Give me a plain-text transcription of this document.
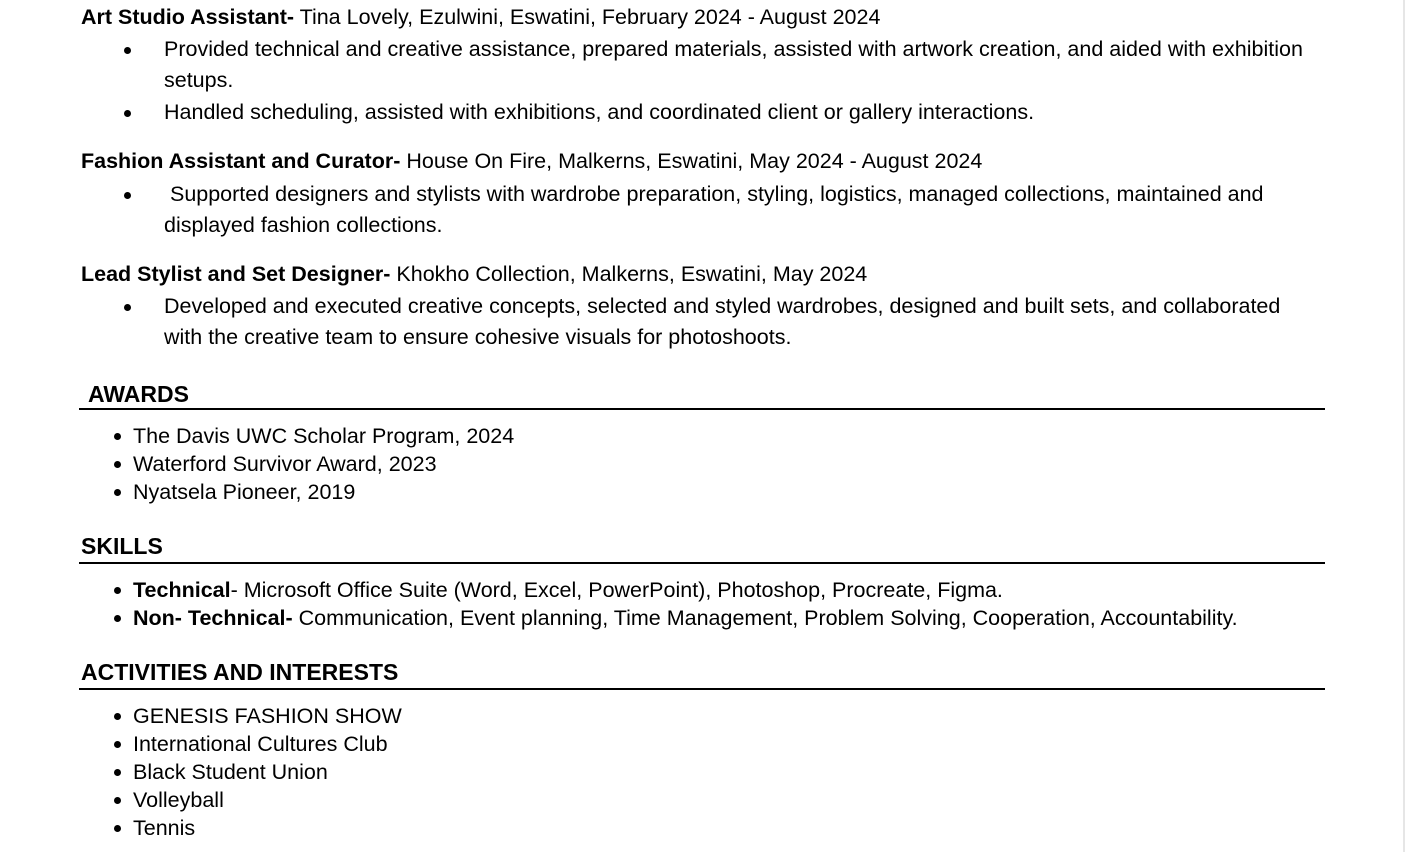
Art Studio Assistant- Tina Lovely, Ezulwini, Eswatini, February 2024 - August 2024
Provided technical and creative assistance, prepared materials, assisted with artwork creation, and aided with exhibition setups.
Handled scheduling, assisted with exhibitions, and coordinated client or gallery interactions.
Fashion Assistant and Curator- House On Fire, Malkerns, Eswatini, May 2024 - August 2024
Supported designers and stylists with wardrobe preparation, styling, logistics, managed collections, maintained and displayed fashion collections.
Lead Stylist and Set Designer- Khokho Collection, Malkerns, Eswatini, May 2024
Developed and executed creative concepts, selected and styled wardrobes, designed and built sets, and collaborated with the creative team to ensure cohesive visuals for photoshoots.
AWARDS
The Davis UWC Scholar Program, 2024
Waterford Survivor Award, 2023
Nyatsela Pioneer, 2019
SKILLS
Technical- Microsoft Office Suite (Word, Excel, PowerPoint), Photoshop, Procreate, Figma.
Non- Technical- Communication, Event planning, Time Management, Problem Solving, Cooperation, Accountability.
ACTIVITIES AND INTERESTS
GENESIS FASHION SHOW
International Cultures Club
Black Student Union
Volleyball
Tennis
